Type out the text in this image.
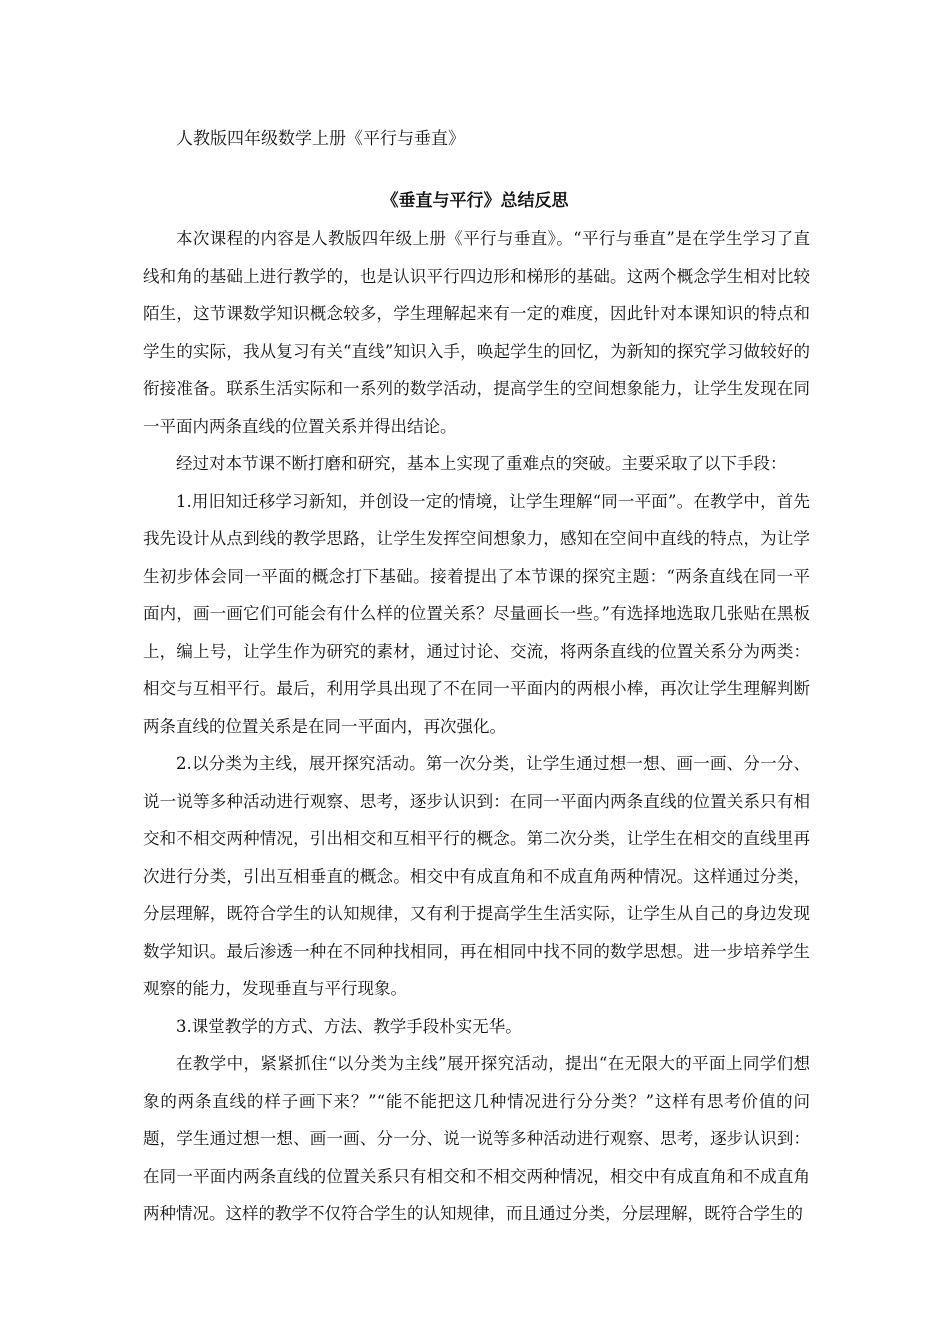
人教版四年级数学上册《平行与垂直》
《垂直与平行》总结反思

本次课程的内容是人教版四年级上册《平行与垂直》。“平行与垂直”是在学生学习了直线和角的基础上进行教学的，也是认识平行四边形和梯形的基础。这两个概念学生相对比较陌生，这节课数学知识概念较多，学生理解起来有一定的难度，因此针对本课知识的特点和学生的实际，我从复习有关“直线”知识入手，唤起学生的回忆，为新知的探究学习做较好的衔接准备。联系生活实际和一系列的数学活动，提高学生的空间想象能力，让学生发现在同一平面内两条直线的位置关系并得出结论。

经过对本节课不断打磨和研究，基本上实现了重难点的突破。主要采取了以下手段：

1.用旧知迁移学习新知，并创设一定的情境，让学生理解“同一平面”。在教学中，首先我先设计从点到线的教学思路，让学生发挥空间想象力，感知在空间中直线的特点，为让学生初步体会同一平面的概念打下基础。接着提出了本节课的探究主题：“两条直线在同一平面内，画一画它们可能会有什么样的位置关系？尽量画长一些。”有选择地选取几张贴在黑板上，编上号，让学生作为研究的素材，通过讨论、交流，将两条直线的位置关系分为两类：相交与互相平行。最后，利用学具出现了不在同一平面内的两根小棒，再次让学生理解判断两条直线的位置关系是在同一平面内，再次强化。

2.以分类为主线，展开探究活动。第一次分类，让学生通过想一想、画一画、分一分、说一说等多种活动进行观察、思考，逐步认识到：在同一平面内两条直线的位置关系只有相交和不相交两种情况，引出相交和互相平行的概念。第二次分类，让学生在相交的直线里再次进行分类，引出互相垂直的概念。相交中有成直角和不成直角两种情况。这样通过分类，分层理解，既符合学生的认知规律，又有利于提高学生生活实际，让学生从自己的身边发现数学知识。最后渗透一种在不同种找相同，再在相同中找不同的数学思想。进一步培养学生观察的能力，发现垂直与平行现象。

3.课堂教学的方式、方法、教学手段朴实无华。

在教学中，紧紧抓住“以分类为主线”展开探究活动，提出“在无限大的平面上同学们想象的两条直线的样子画下来？”“能不能把这几种情况进行分分类？”这样有思考价值的问题，学生通过想一想、画一画、分一分、说一说等多种活动进行观察、思考，逐步认识到：在同一平面内两条直线的位置关系只有相交和不相交两种情况，相交中有成直角和不成直角两种情况。这样的教学不仅符合学生的认知规律，而且通过分类，分层理解，既符合学生的
